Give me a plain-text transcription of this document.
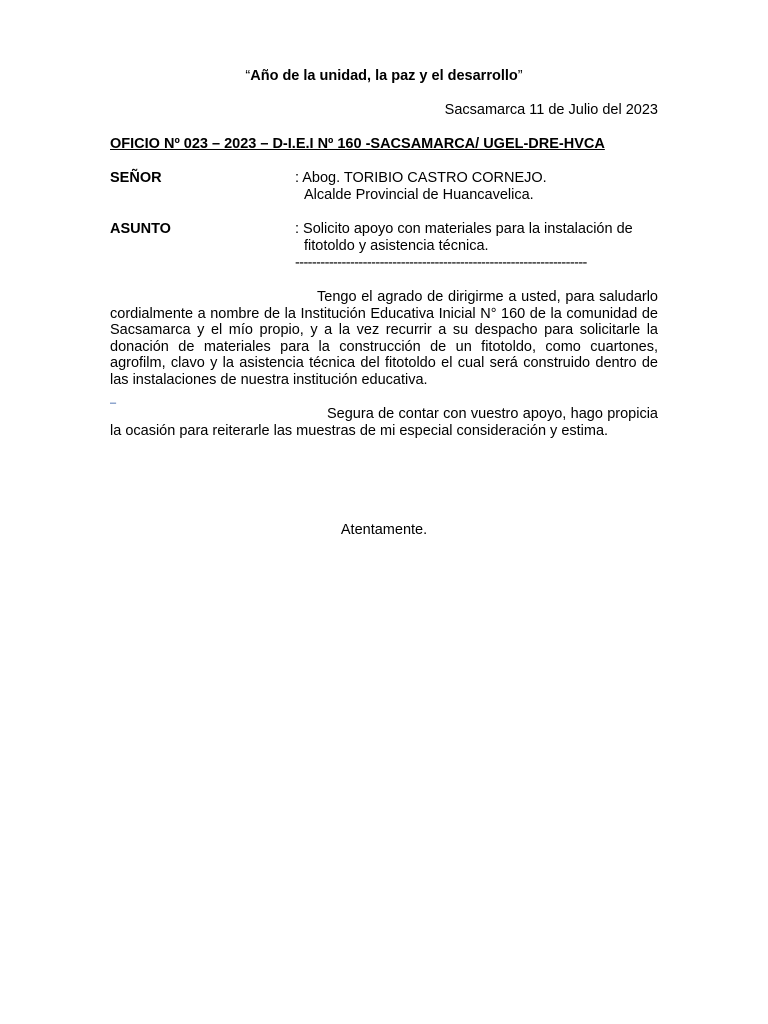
“Año de la unidad, la paz y el desarrollo”
Sacsamarca 11 de Julio del 2023
OFICIO Nº 023 – 2023 – D-I.E.I Nº 160 -SACSAMARCA/ UGEL-DRE-HVCA
SEÑOR	: Abog. TORIBIO CASTRO CORNEJO.
Alcalde Provincial de Huancavelica.
ASUNTO	: Solicito apoyo con materiales para la instalación de
fitotoldo y asistencia técnica.
---------------------------------------------------------------------

Tengo el agrado de dirigirme a usted, para saludarlo cordialmente a nombre de la Institución Educativa Inicial N° 160 de la comunidad de Sacsamarca y el mío propio, y a la vez recurrir a su despacho para solicitarle la donación de materiales para la construcción de un fitotoldo, como cuartones, agrofilm, clavo y la asistencia técnica del fitotoldo el cual será construido dentro de las instalaciones de nuestra institución educativa.

–

Segura de contar con vuestro apoyo, hago propicia la ocasión para reiterarle las muestras de mi especial consideración y estima.

Atentamente.
